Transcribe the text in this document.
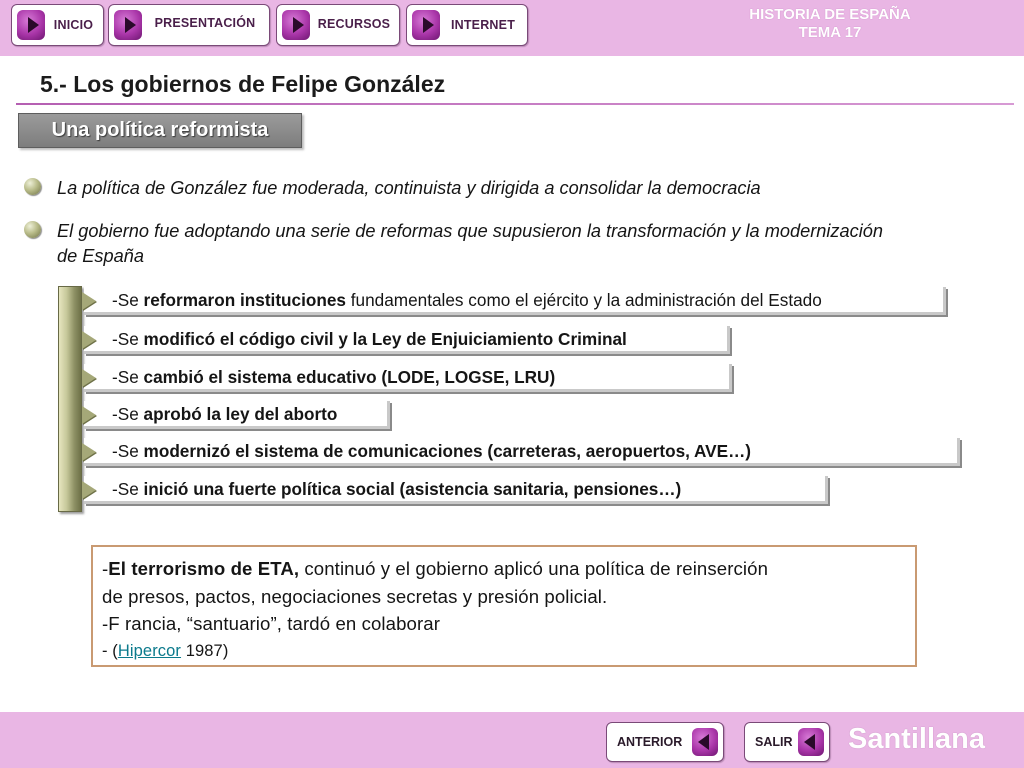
INICIO	PRESENTACIÓN	RECURSOS	INTERNET
HISTORIA DE ESPAÑA
TEMA 17
5.- Los gobiernos de Felipe González
Una política reformista
La política de González fue moderada, continuista y dirigida a consolidar la democracia
El gobierno fue adoptando una serie de reformas que supusieron la transformación y la modernización de España
-Se reformaron instituciones fundamentales como el ejército y la administración del Estado
-Se modificó el código civil y la Ley de Enjuiciamiento Criminal
-Se cambió el sistema educativo (LODE, LOGSE, LRU)
-Se aprobó la ley del aborto
-Se modernizó el sistema de comunicaciones (carreteras, aeropuertos, AVE…)
-Se inició una fuerte política social (asistencia sanitaria, pensiones…)
-El terrorismo de ETA, continuó y el gobierno aplicó una política de reinserción
de presos, pactos, negociaciones secretas y presión policial.
-F rancia, “santuario”, tardó en colaborar
- (Hipercor 1987)
ANTERIOR	SALIR Santillana
